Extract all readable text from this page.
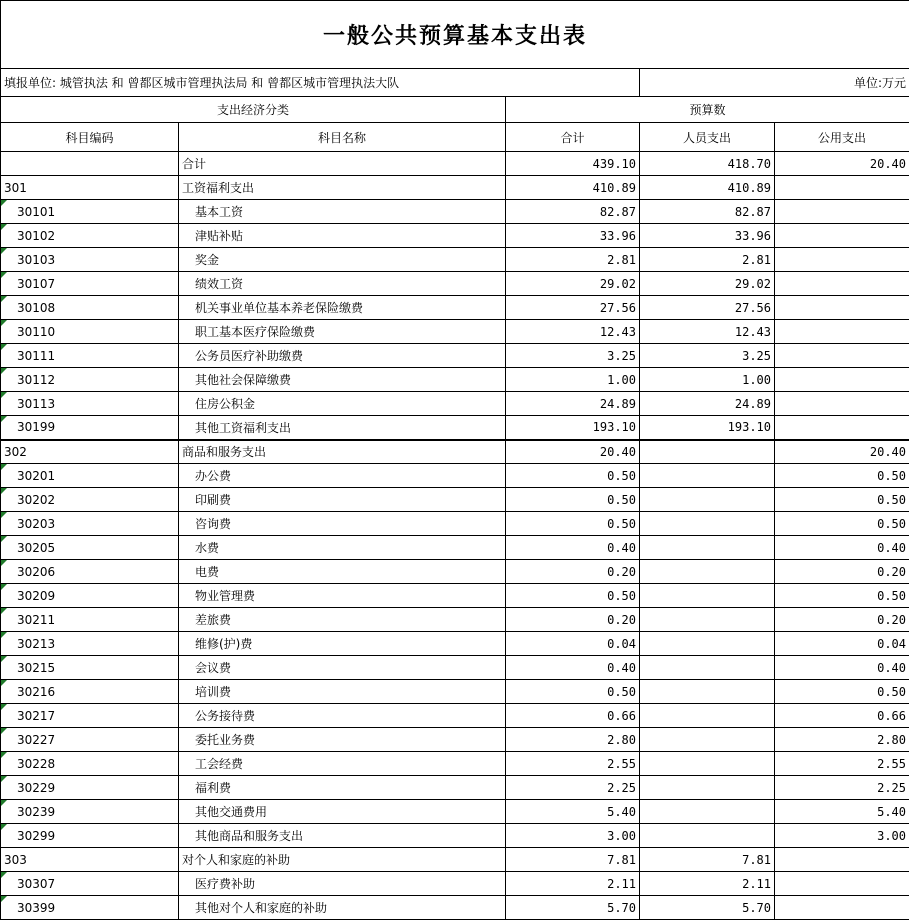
一般公共预算基本支出表				
填报单位: 城管执法 和 曾都区城市管理执法局 和 曾都区城市管理执法大队			单位:万元	
支出经济分类		预算数		
科目编码	科目名称	合计	人员支出	公用支出
	合计	439.10	418.70	20.40
301	工资福利支出	410.89	410.89	
30101	基本工资	82.87	82.87	
30102	津贴补贴	33.96	33.96	
30103	奖金	2.81	2.81	
30107	绩效工资	29.02	29.02	
30108	机关事业单位基本养老保险缴费	27.56	27.56	
30110	职工基本医疗保险缴费	12.43	12.43	
30111	公务员医疗补助缴费	3.25	3.25	
30112	其他社会保障缴费	1.00	1.00	
30113	住房公积金	24.89	24.89	
30199	其他工资福利支出	193.10	193.10	
302	商品和服务支出	20.40		20.40
30201	办公费	0.50		0.50
30202	印刷费	0.50		0.50
30203	咨询费	0.50		0.50
30205	水费	0.40		0.40
30206	电费	0.20		0.20
30209	物业管理费	0.50		0.50
30211	差旅费	0.20		0.20
30213	维修(护)费	0.04		0.04
30215	会议费	0.40		0.40
30216	培训费	0.50		0.50
30217	公务接待费	0.66		0.66
30227	委托业务费	2.80		2.80
30228	工会经费	2.55		2.55
30229	福利费	2.25		2.25
30239	其他交通费用	5.40		5.40
30299	其他商品和服务支出	3.00		3.00
303	对个人和家庭的补助	7.81	7.81	
30307	医疗费补助	2.11	2.11	
30399	其他对个人和家庭的补助	5.70	5.70	
